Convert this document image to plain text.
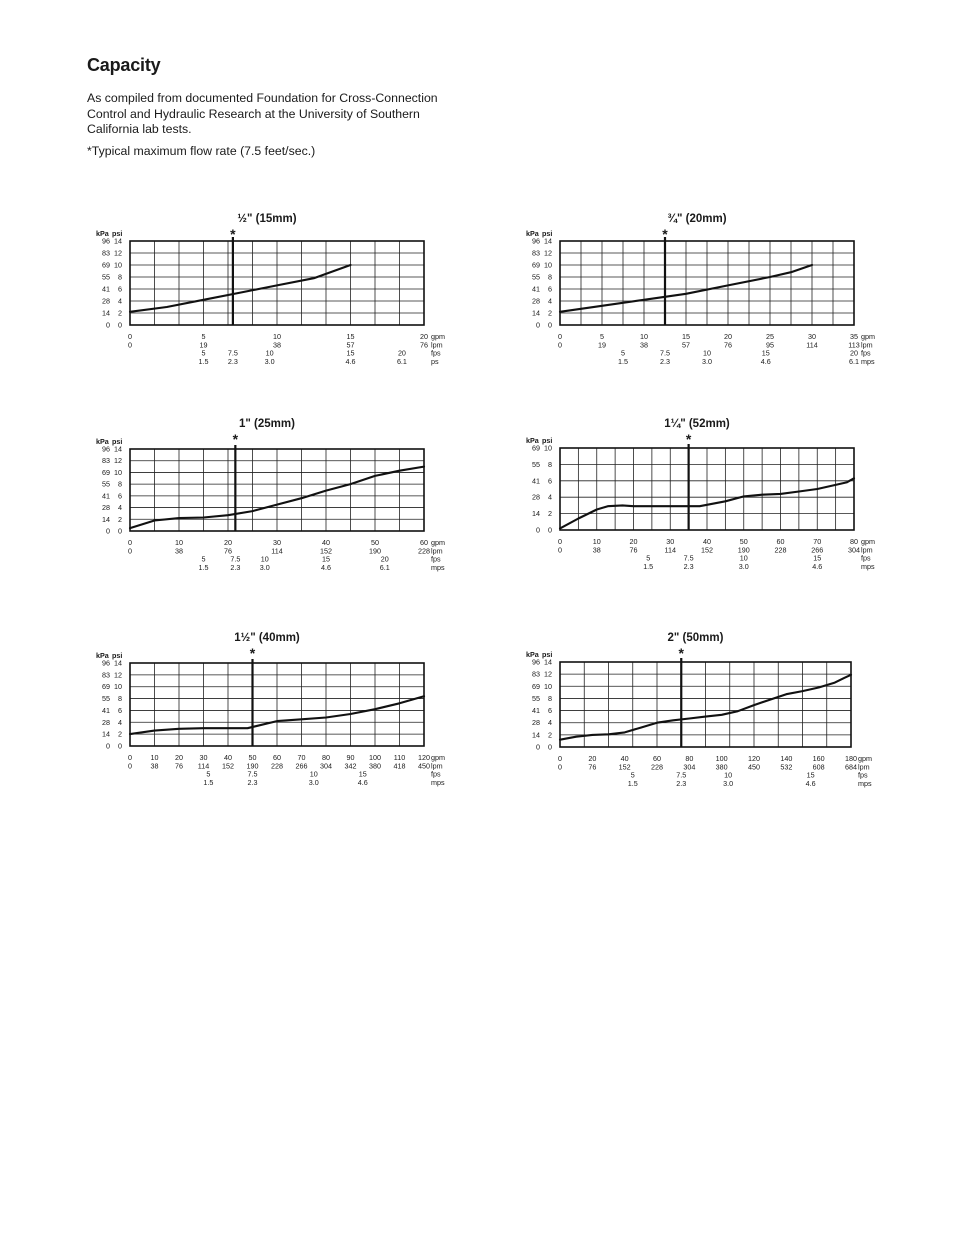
Capacity

As compiled from documented Foundation for Cross-Connection Control and Hydraulic Research at the University of Southern California lab tests.

*Typical maximum flow rate (7.5 feet/sec.)

½" (15mm)
*
kPa psi
96 14
83 12
69 10
55 8
41 6
28 4
14 2
0 0
0	5	10	15	20 gpm
0	19	38	57	76 lpm
5	7.5	10	15	20	fps
1.5	2.3	3.0	4.6	6.1	ps
¾" (20mm)
*
kPa psi
96 14
83 12
69 10
55 8
41 6
28 4
14 2
0 0
0	5	10	15	20	25	30	35 gpm
0	19	38	57	76	95	114	113 lpm
5	7.5	10	15	20 fps
1.5	2.3	3.0	4.6	6.1 mps
1" (25mm)
*
kPa psi
96 14
83 12
69 10
55 8
41 6
28 4
14 2
0 0
0	10	20	30	40	50	60 gpm
0	38	76	114	152	190	228 lpm
5	7.5	10	15	20	fps
1.5	2.3	3.0	4.6	6.1	mps
1¼" (52mm)
*
kPa psi
69 10
55 8
41 6
28 4
14 2
0 0
0	10	20	30	40	50	60	70	80 gpm
0	38	76	114	152	190	228	266	304 lpm
5	7.5	10	15	fps
1.5	2.3	3.0	4.6	mps
1½" (40mm)
*
kPa psi
96 14
83 12
69 10
55 8
41 6
28 4
14 2
0 0
0	10 20 30 40 50 60 70 80 90 100 110 120 gpm
0	38 76 114 152 190 228 266 304 342 380 418 450 lpm
5	7.5	10	15	fps
1.5	2.3	3.0	4.6	mps
2" (50mm)
*
kPa psi
96 14
83 12
69 10
55 8
41 6
28 4
14 2
0 0
0	20	40	60	80	100	120	140	160	180 gpm
0	76	152	228	304	380	450	532	608	684 lpm
5	7.5	10	15	fps
1.5	2.3	3.0	4.6	mps
